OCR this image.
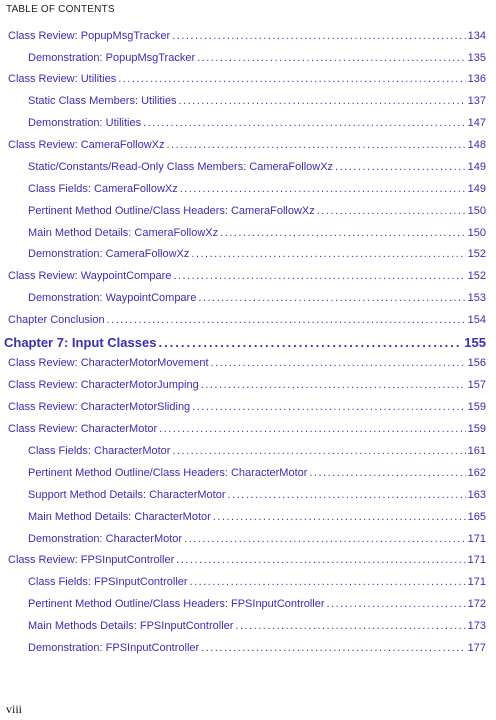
TABLE OF CONTENTS
Class Review: PopupMsgTracker .....	134
Demonstration: PopupMsgTracker .....	135
Class Review: Utilities .....	136
Static Class Members: Utilities .....	137
Demonstration: Utilities .....	147
Class Review: CameraFollowXz .....	148
Static/Constants/Read-Only Class Members: CameraFollowXz .....	149
Class Fields: CameraFollowXz .....	149
Pertinent Method Outline/Class Headers: CameraFollowXz .....	150
Main Method Details: CameraFollowXz .....	150
Demonstration: CameraFollowXz .....	152
Class Review: WaypointCompare .....	152
Demonstration: WaypointCompare .....	153
Chapter Conclusion .....	154
Chapter 7: Input Classes .....	155
Class Review: CharacterMotorMovement .....	156
Class Review: CharacterMotorJumping .....	157
Class Review: CharacterMotorSliding .....	159
Class Review: CharacterMotor .....	159
Class Fields: CharacterMotor .....	161
Pertinent Method Outline/Class Headers: CharacterMotor .....	162
Support Method Details: CharacterMotor .....	163
Main Method Details: CharacterMotor .....	165
Demonstration: CharacterMotor .....	171
Class Review: FPSInputController .....	171
Class Fields: FPSInputController .....	171
Pertinent Method Outline/Class Headers: FPSInputController .....	172
Main Methods Details: FPSInputController .....	173
Demonstration: FPSInputController .....	177
viii
